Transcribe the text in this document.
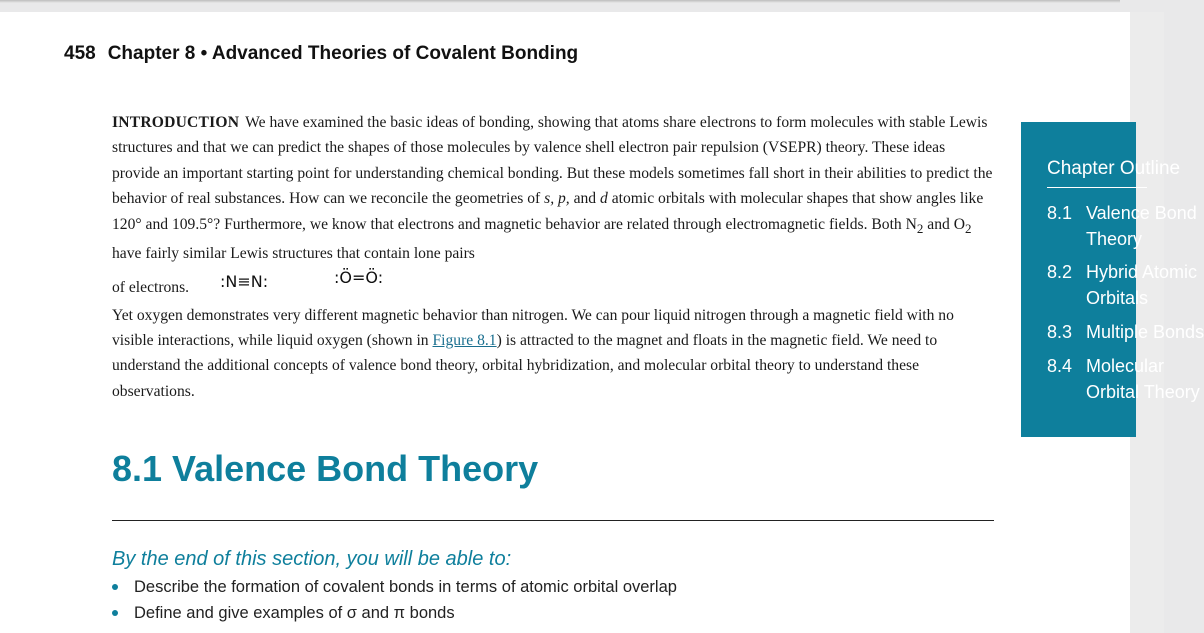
458 Chapter 8 • Advanced Theories of Covalent Bonding
INTRODUCTION We have examined the basic ideas of bonding, showing that atoms share electrons to form molecules with stable Lewis structures and that we can predict the shapes of those molecules by valence shell electron pair repulsion (VSEPR) theory. These ideas provide an important starting point for understanding chemical bonding. But these models sometimes fall short in their abilities to predict the behavior of real substances. How can we reconcile the geometries of s, p, and d atomic orbitals with molecular shapes that show angles like 120° and 109.5°? Furthermore, we know that electrons and magnetic behavior are related through electromagnetic fields. Both $N_2$ and $O_2$ have fairly similar Lewis structures that contain lone pairs
of electrons. :N≡N:	:Ö=Ö:
Yet oxygen demonstrates very different magnetic behavior than nitrogen. We can pour liquid nitrogen through a magnetic field with no visible interactions, while liquid oxygen (shown in Figure 8.1) is attracted to the magnet and floats in the magnetic field. We need to understand the additional concepts of valence bond theory, orbital hybridization, and molecular orbital theory to understand these observations.
Chapter Outline
8.1 Valence Bond
Theory
8.2 Hybrid Atomic
Orbitals
8.3 Multiple Bonds
8.4 Molecular
Orbital Theory
8.1 Valence Bond Theory
By the end of this section, you will be able to:
Describe the formation of covalent bonds in terms of atomic orbital overlap
Define and give examples of σ and π bonds
